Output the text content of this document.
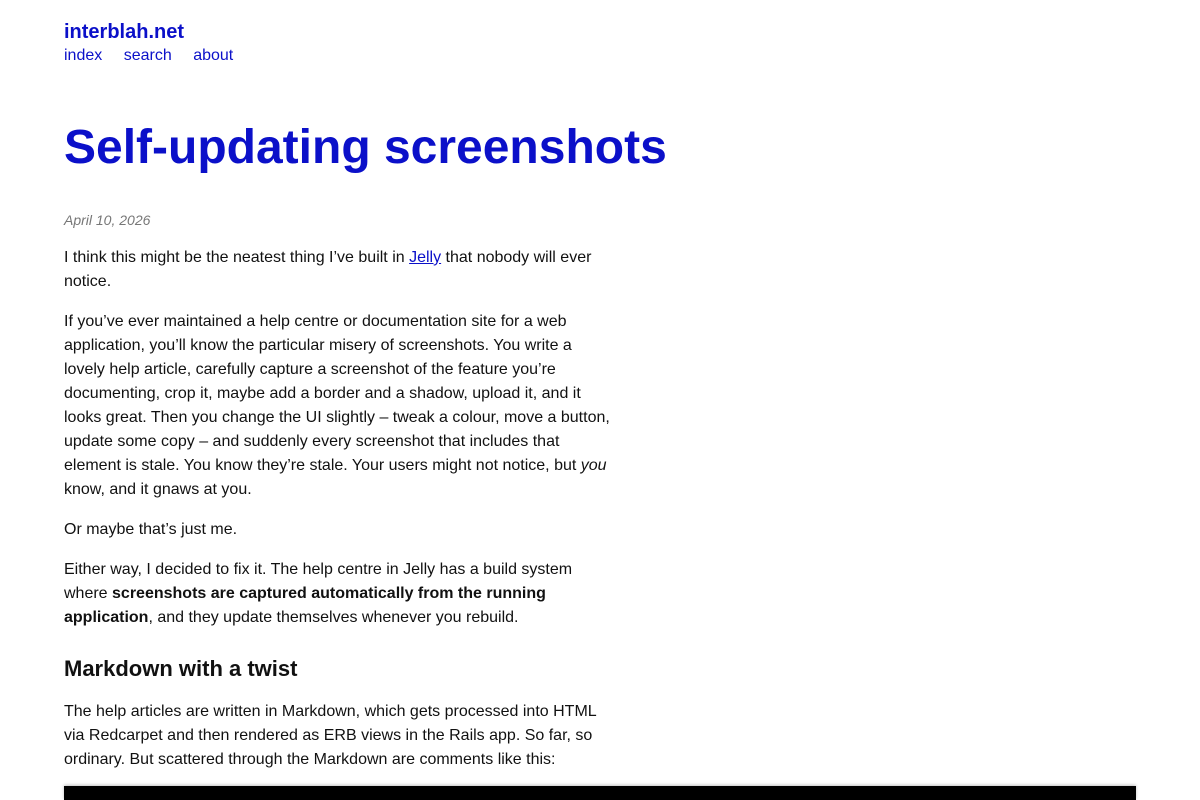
interblah.net
index search about
Self-updating screenshots
April 10, 2026

I think this might be the neatest thing I’ve built in Jelly that nobody will ever notice.

If you’ve ever maintained a help centre or documentation site for a web application, you’ll know the particular misery of screenshots. You write a lovely help article, carefully capture a screenshot of the feature you’re documenting, crop it, maybe add a border and a shadow, upload it, and it looks great. Then you change the UI slightly – tweak a colour, move a button, update some copy – and suddenly every screenshot that includes that element is stale. You know they’re stale. Your users might not notice, but you know, and it gnaws at you.

Or maybe that’s just me.

Either way, I decided to fix it. The help centre in Jelly has a build system where screenshots are captured automatically from the running application, and they update themselves whenever you rebuild.

Markdown with a twist

The help articles are written in Markdown, which gets processed into HTML via Redcarpet and then rendered as ERB views in the Rails app. So far, so ordinary. But scattered through the Markdown are comments like this:
